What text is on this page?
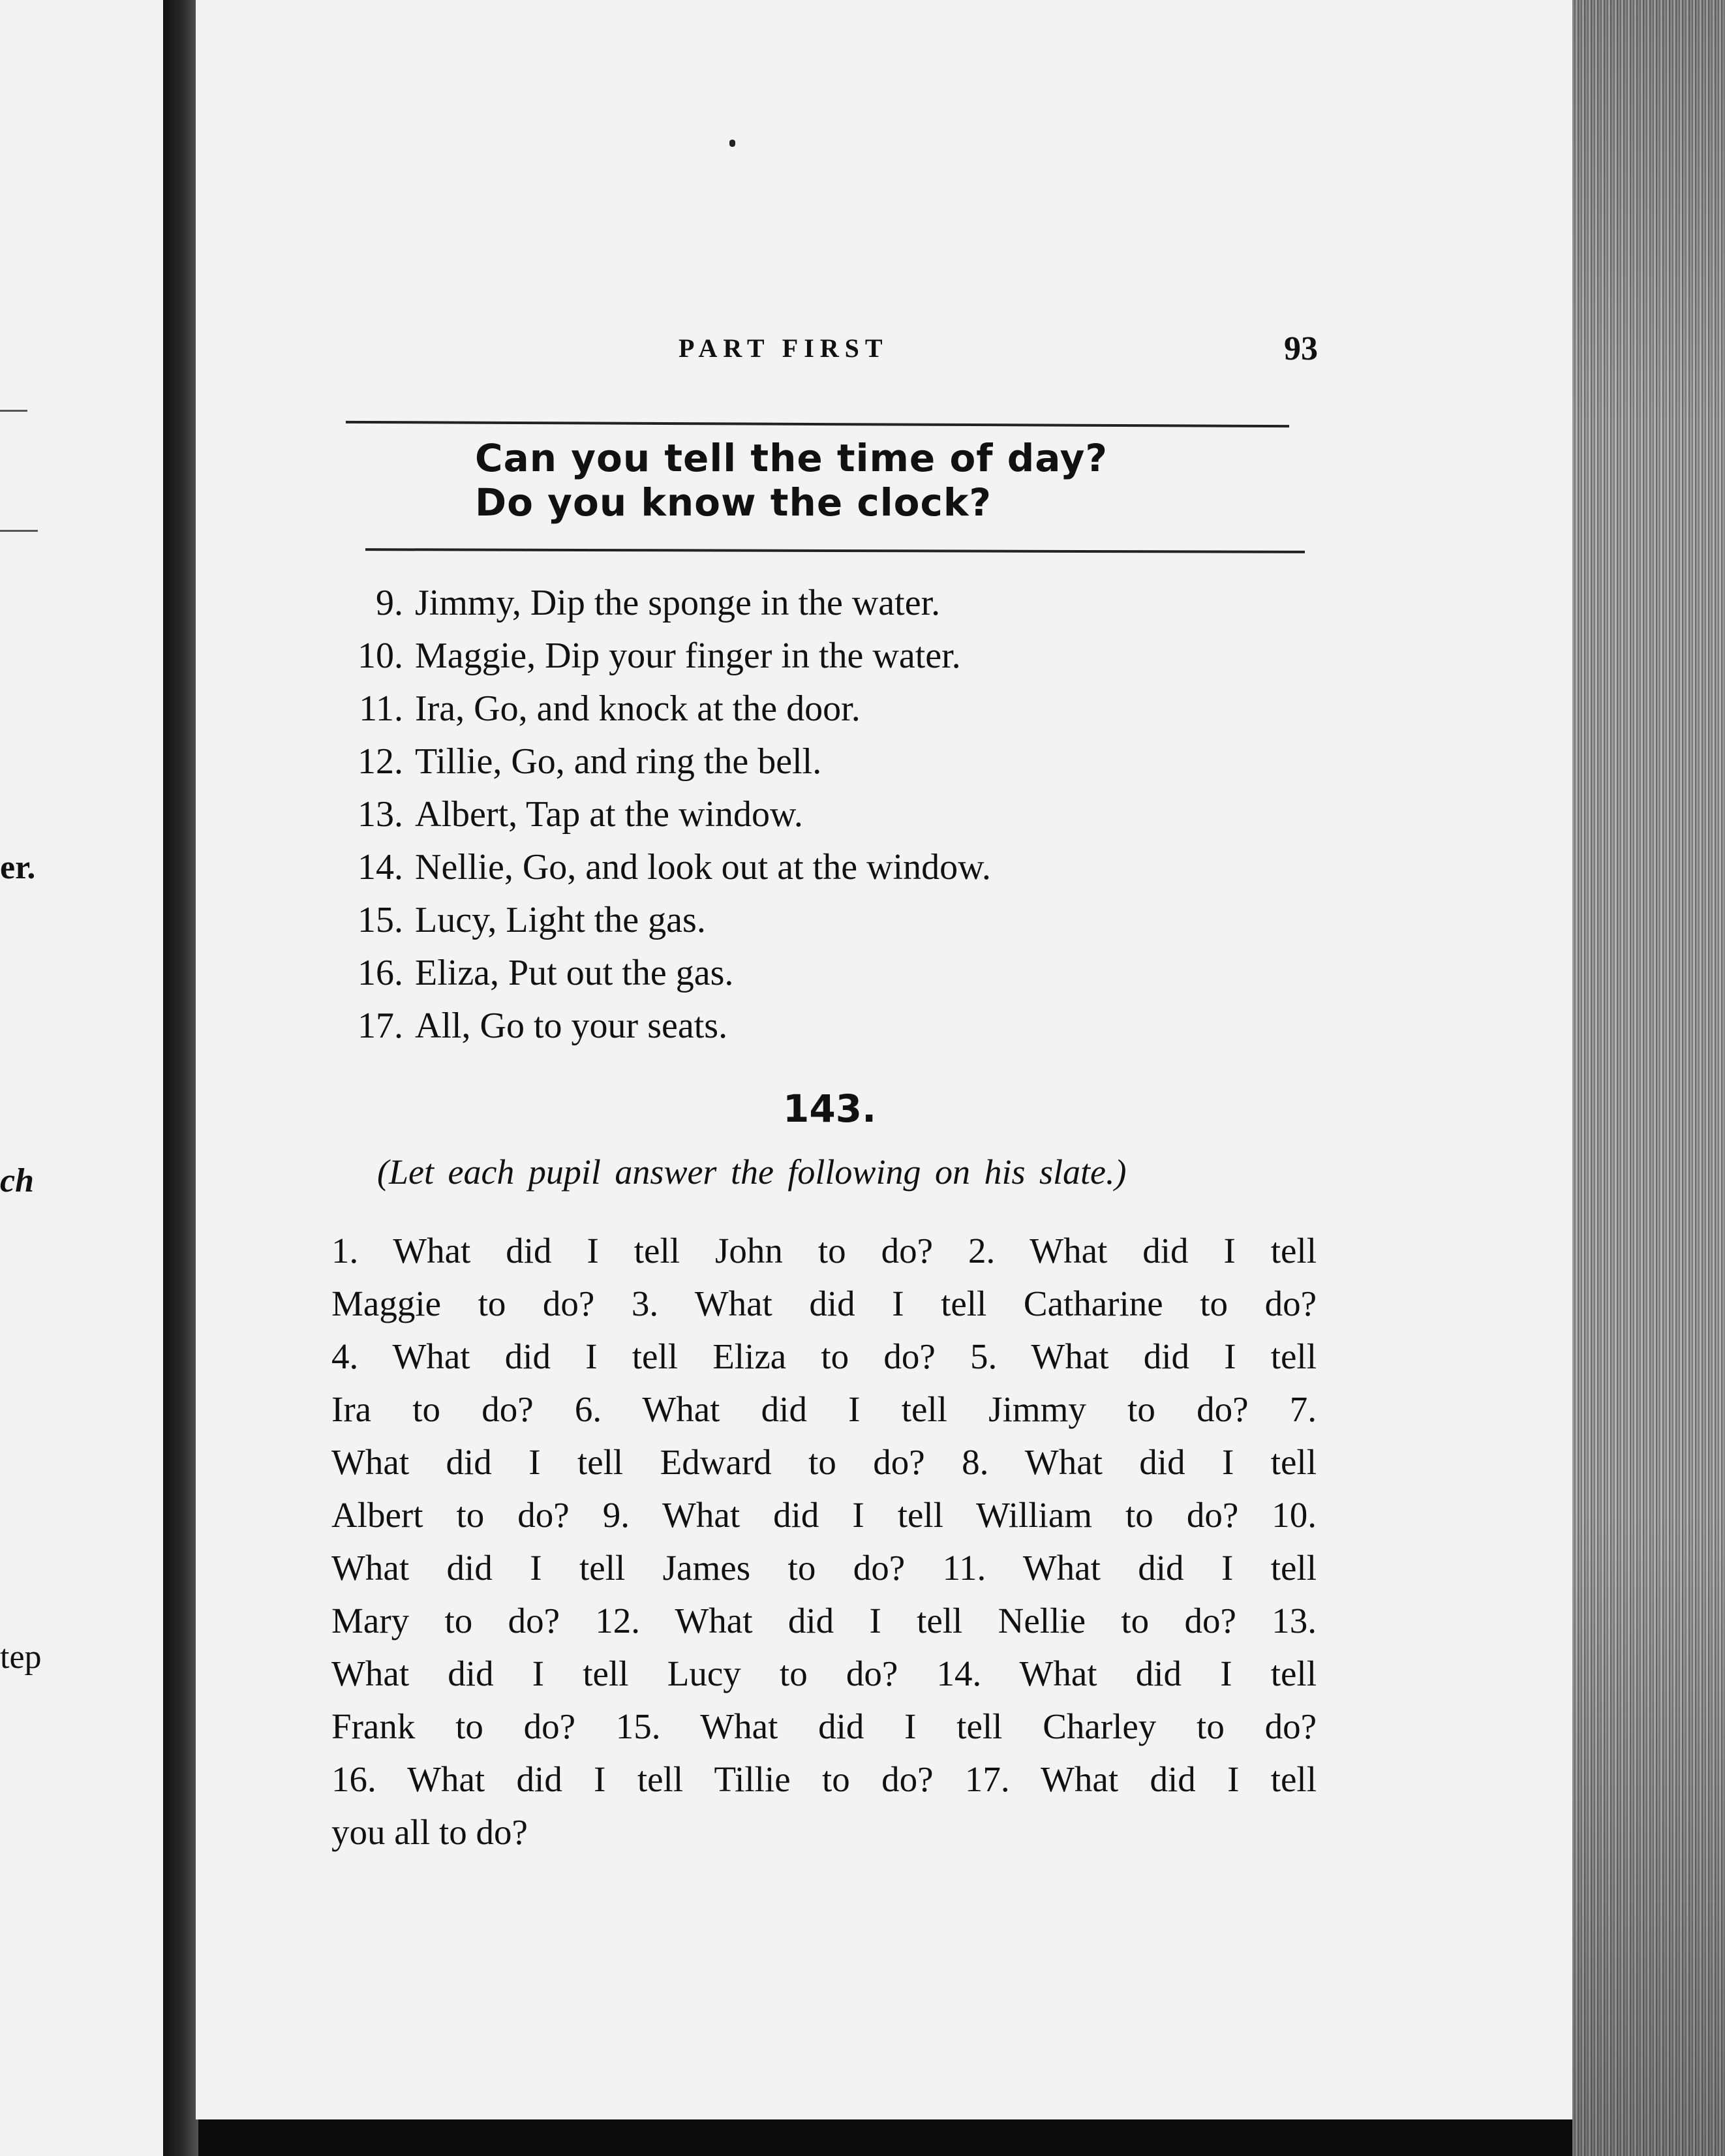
er.
ch
tep
PART FIRST	93
Can you tell the time of day?
Do you know the clock?
9. Jimmy, Dip the sponge in the water.
10. Maggie, Dip your finger in the water.
11. Ira, Go, and knock at the door.
12. Tillie, Go, and ring the bell.
13. Albert, Tap at the window.
14. Nellie, Go, and look out at the window.
15. Lucy, Light the gas.
16. Eliza, Put out the gas.
17. All, Go to your seats.
143.
(Let each pupil answer the following on his slate.)
1. What did I tell John to do? 2. What did I tell
Maggie to do? 3. What did I tell Catharine to do?
4. What did I tell Eliza to do? 5. What did I tell
Ira to do? 6. What did I tell Jimmy to do? 7.
What did I tell Edward to do? 8. What did I tell
Albert to do? 9. What did I tell William to do? 10.
What did I tell James to do? 11. What did I tell
Mary to do? 12. What did I tell Nellie to do? 13.
What did I tell Lucy to do? 14. What did I tell
Frank to do? 15. What did I tell Charley to do?
16. What did I tell Tillie to do? 17. What did I tell
you all to do?
